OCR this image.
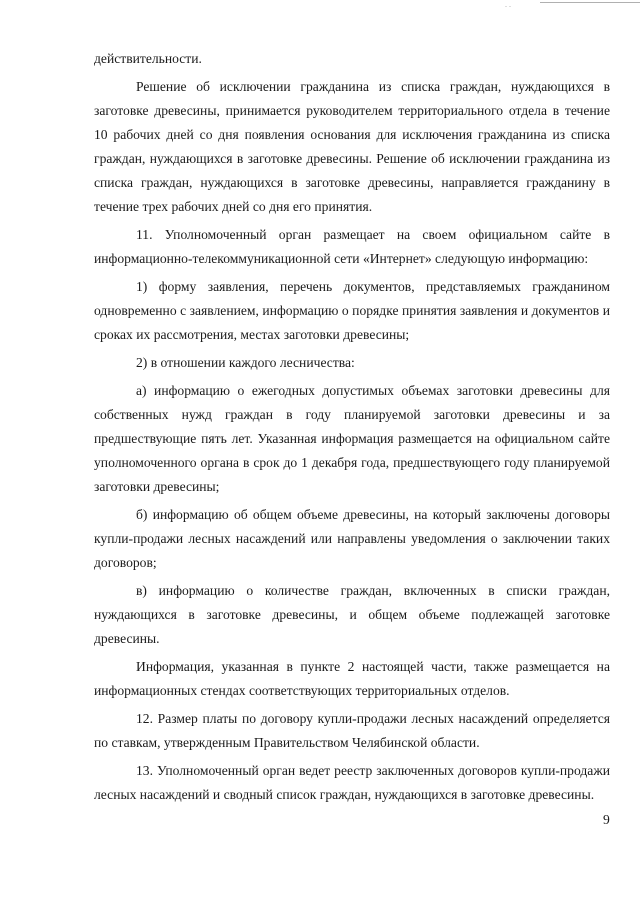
. .

действительности.

Решение об исключении гражданина из списка граждан, нуждающихся в заготовке древесины, принимается руководителем территориального отдела в течение 10 рабочих дней со дня появления основания для исключения гражданина из списка граждан, нуждающихся в заготовке древесины. Решение об исключении гражданина из списка граждан, нуждающихся в заготовке древесины, направляется гражданину в течение трех рабочих дней со дня его принятия.

11. Уполномоченный орган размещает на своем официальном сайте в информационно-телекоммуникационной сети «Интернет» следующую информацию:

1) форму заявления, перечень документов, представляемых гражданином одновременно с заявлением, информацию о порядке принятия заявления и документов и сроках их рассмотрения, местах заготовки древесины;

2) в отношении каждого лесничества:

а) информацию о ежегодных допустимых объемах заготовки древесины для собственных нужд граждан в году планируемой заготовки древесины и за предшествующие пять лет. Указанная информация размещается на официальном сайте уполномоченного органа в срок до 1 декабря года, предшествующего году планируемой заготовки древесины;

б) информацию об общем объеме древесины, на который заключены договоры купли-продажи лесных насаждений или направлены уведомления о заключении таких договоров;

в) информацию о количестве граждан, включенных в списки граждан, нуждающихся в заготовке древесины, и общем объеме подлежащей заготовке древесины.

Информация, указанная в пункте 2 настоящей части, также размещается на информационных стендах соответствующих территориальных отделов.

12. Размер платы по договору купли-продажи лесных насаждений определяется по ставкам, утвержденным Правительством Челябинской области.

13. Уполномоченный орган ведет реестр заключенных договоров купли-продажи лесных насаждений и сводный список граждан, нуждающихся в заготовке древесины.

9
